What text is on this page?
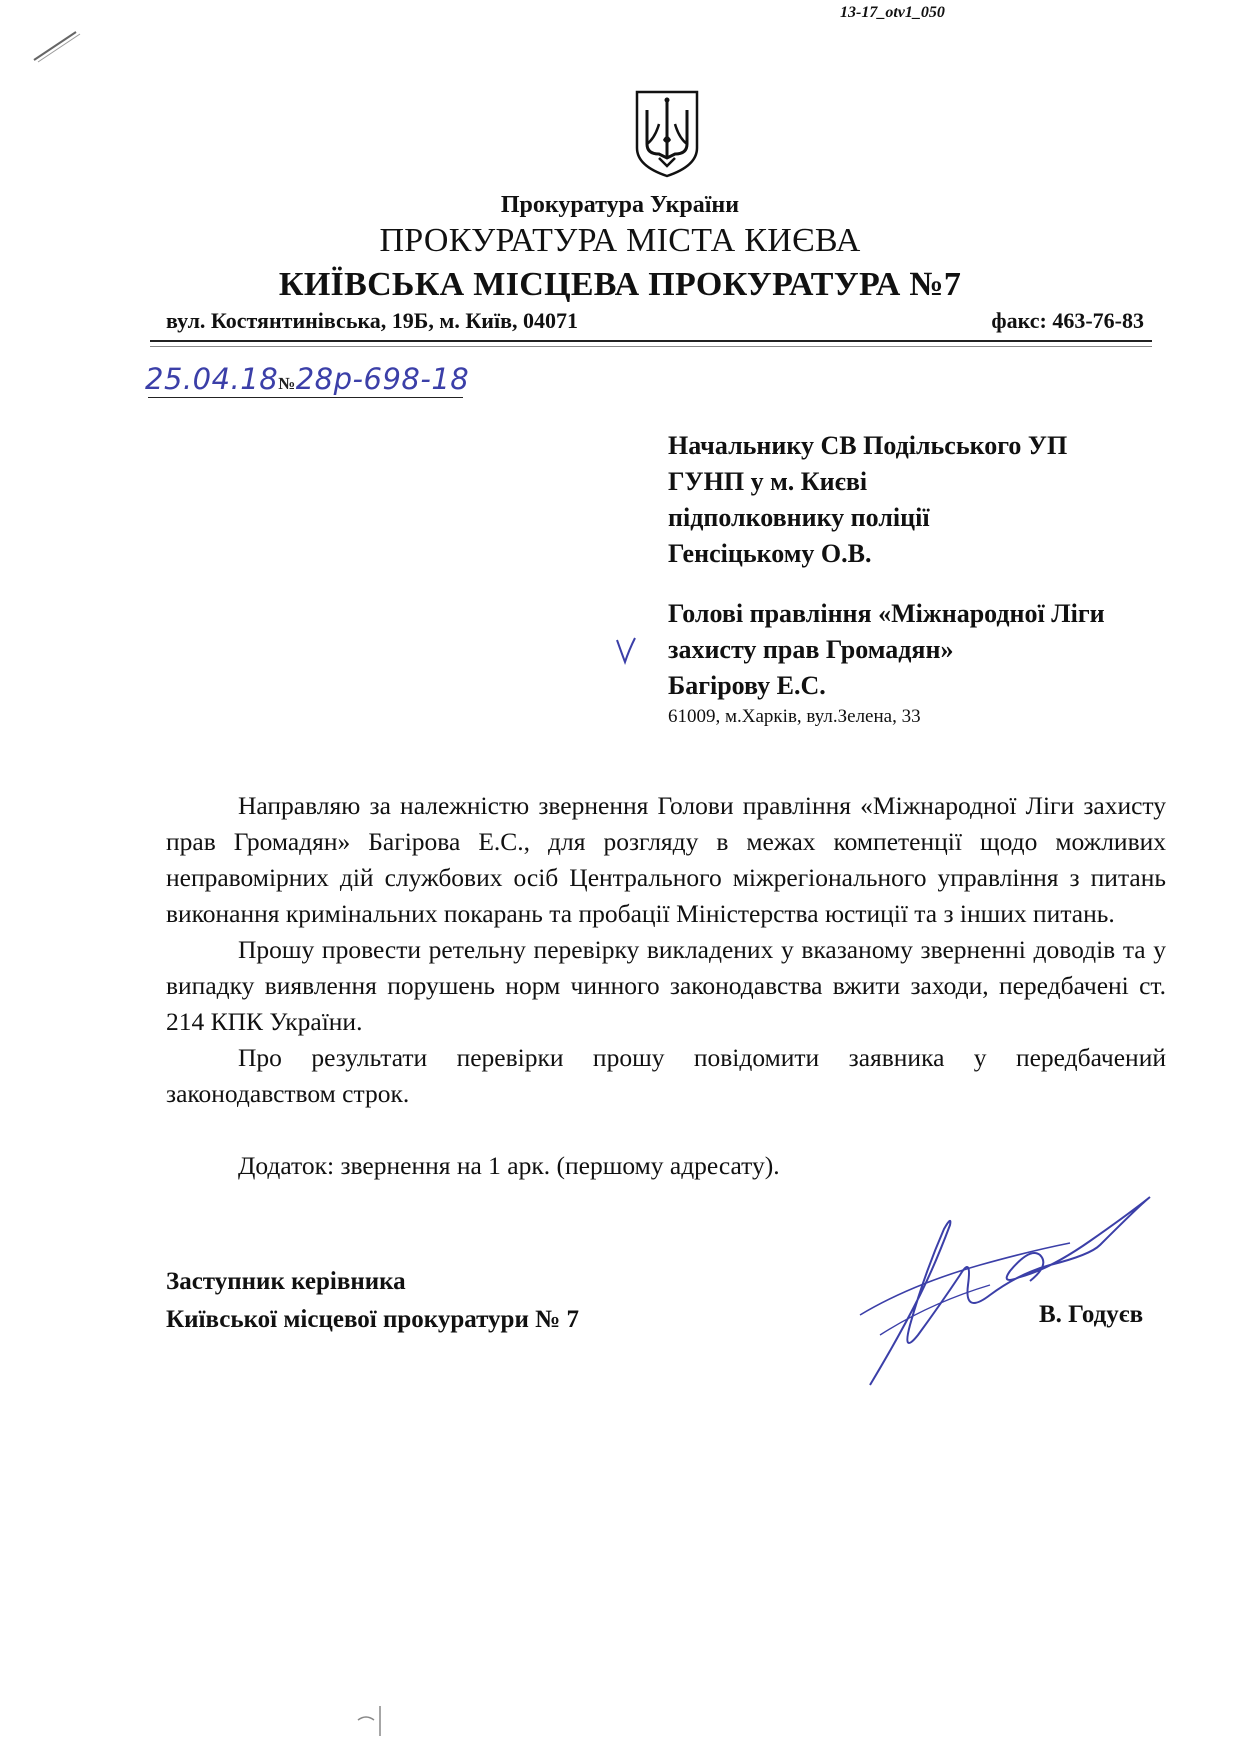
13-17_otv1_050
Прокуратура України
ПРОКУРАТУРА МІСТА КИЄВА
КИЇВСЬКА МІСЦЕВА ПРОКУРАТУРА №7
вул. Костянтинівська, 19Б, м. Київ, 04071	факс: 463-76-83
25.04.18№28р-698-18

Начальнику СВ Подільського УП

ГУНП у м. Києві

підполковнику поліції

Генсіцькому О.В.

Голові правління «Міжнародної Ліги

захисту прав Громадян»

Багірову Е.С.

61009, м.Харків, вул.Зелена, 33

Направляю за належністю звернення Голови правління «Міжнародної Ліги захисту прав Громадян» Багірова Е.С., для розгляду в межах компетенції щодо можливих неправомірних дій службових осіб Центрального міжрегіонального управління з питань виконання кримінальних покарань та пробації Міністерства юстиції та з інших питань.

Прошу провести ретельну перевірку викладених у вказаному зверненні доводів та у випадку виявлення порушень норм чинного законодавства вжити заходи, передбачені ст. 214 КПК України.

Про результати перевірки прошу повідомити заявника у передбачений законодавством строк.

Додаток: звернення на 1 арк. (першому адресату).

Заступник керівника
Київської місцевої прокуратури № 7	В. Годуєв
